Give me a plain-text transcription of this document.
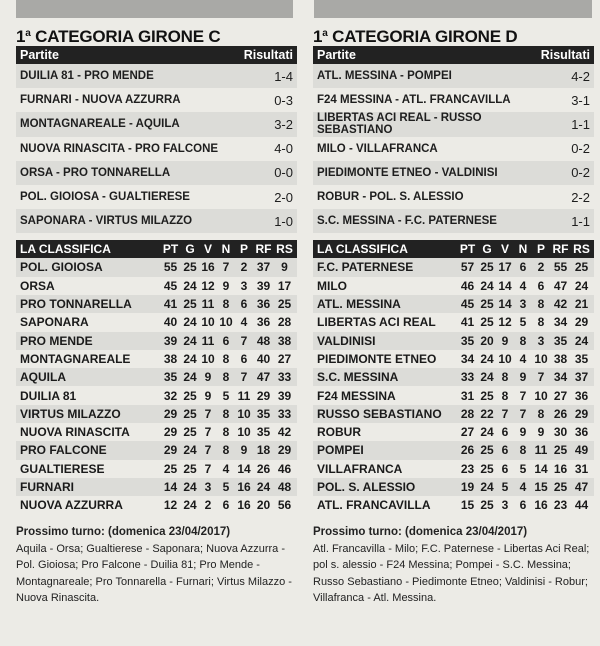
1$^a$ CATEGORIA GIRONE C
Partite	Risultati
DUILIA 81 - PRO MENDE	1-4
FURNARI - NUOVA AZZURRA	0-3
MONTAGNAREALE - AQUILA	3-2
NUOVA RINASCITA - PRO FALCONE	4-0
ORSA - PRO TONNARELLA	0-0
POL. GIOIOSA - GUALTIERESE	2-0
SAPONARA - VIRTUS MILAZZO	1-0
LA CLASSIFICA	PT G V N P RF RS
POL. GIOIOSA	55 25 16 7 2 37 9
ORSA	45 24 12 9 3 39 17
PRO TONNARELLA	41 25 11 8 6 36 25
SAPONARA	40 24 10 10 4 36 28
PRO MENDE	39 24 11 6 7 48 38
MONTAGNAREALE	38 24 10 8 6 40 27
AQUILA	35 24 9 8 7 47 33
DUILIA 81	32 25 9 5 11 29 39
VIRTUS MILAZZO	29 25 7 8 10 35 33
NUOVA RINASCITA	29 25 7 8 10 35 42
PRO FALCONE	29 24 7 8 9 18 29
GUALTIERESE	25 25 7 4 14 26 46
FURNARI	14 24 3 5 16 24 48
NUOVA AZZURRA	12 24 2 6 16 20 56
Prossimo turno: (domenica 23/04/2017)
Aquila - Orsa; Gualtierese - Saponara; Nuova Azzurra - Pol. Gioiosa; Pro Falcone - Duilia 81; Pro Mende - Montagnareale; Pro Tonnarella - Furnari; Virtus Milazzo - Nuova Rinascita.
1$^a$ CATEGORIA GIRONE D
Partite	Risultati
ATL. MESSINA - POMPEI	4-2
F24 MESSINA - ATL. FRANCAVILLA	3-1
LIBERTAS ACI REAL - RUSSO SEBASTIANO	1-1
MILO - VILLAFRANCA	0-2
PIEDIMONTE ETNEO - VALDINISI	0-2
ROBUR - POL. S. ALESSIO	2-2
S.C. MESSINA - F.C. PATERNESE	1-1
LA CLASSIFICA	PT G V N P RF RS
F.C. PATERNESE	57 25 17 6 2 55 25
MILO	46 24 14 4 6 47 24
ATL. MESSINA	45 25 14 3 8 42 21
LIBERTAS ACI REAL	41 25 12 5 8 34 29
VALDINISI	35 20 9 8 3 35 24
PIEDIMONTE ETNEO	34 24 10 4 10 38 35
S.C. MESSINA	33 24 8 9 7 34 37
F24 MESSINA	31 25 8 7 10 27 36
RUSSO SEBASTIANO	28 22 7 7 8 26 29
ROBUR	27 24 6 9 9 30 36
POMPEI	26 25 6 8 11 25 49
VILLAFRANCA	23 25 6 5 14 16 31
POL. S. ALESSIO	19 24 5 4 15 25 47
ATL. FRANCAVILLA	15 25 3 6 16 23 44
Prossimo turno: (domenica 23/04/2017)
Atl. Francavilla - Milo; F.C. Paternese - Libertas Aci Real; pol s. alessio - F24 Messina; Pompei - S.C. Messina; Russo Sebastiano - Piedimonte Etneo; Valdinisi - Robur; Villafranca - Atl. Messina.
